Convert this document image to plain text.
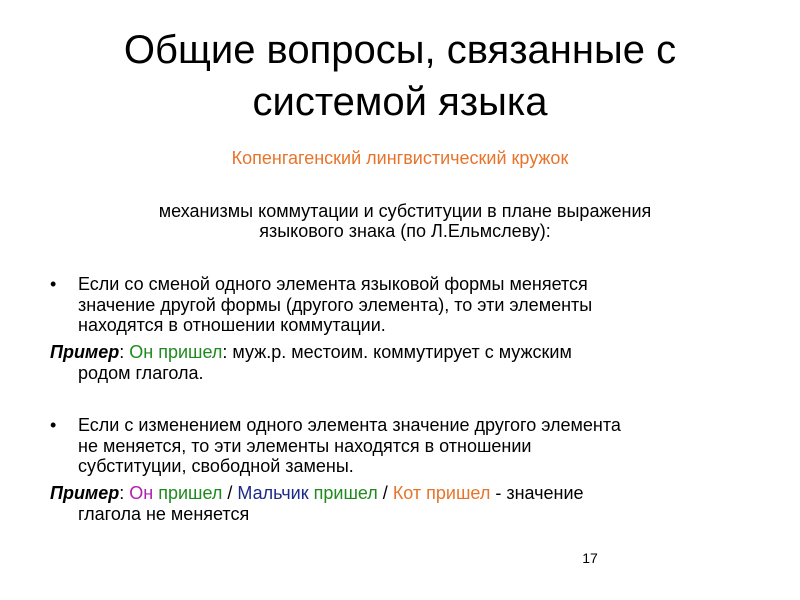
Общие вопросы, связанные с
системой языка
Копенгагенский лингвистический кружок
механизмы коммутации и субституции в плане выражения
языкового знака (по Л.Ельмслеву):
•	Если со сменой одного элемента языковой формы меняется
значение другой формы (другого элемента), то эти элементы
находятся в отношении коммутации.
Пример: Он пришел: муж.р. местоим. коммутирует с мужским
родом глагола.
•	Если с изменением одного элемента значение другого элемента
не меняется, то эти элементы находятся в отношении
субституции, свободной замены.
Пример: Он пришел / Мальчик пришел / Кот пришел - значение
глагола не меняется
17
